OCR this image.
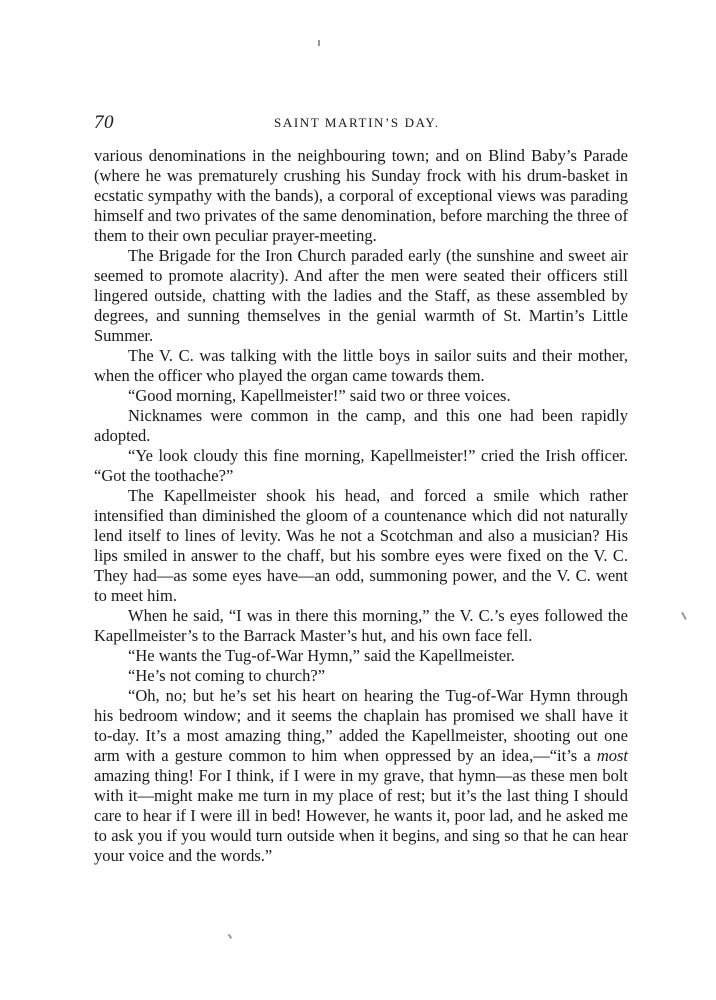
70	SAINT MARTIN’S DAY.

various denominations in the neighbouring town; and on Blind Baby’s Parade (where he was prematurely crushing his Sunday frock with his drum-basket in ecstatic sympathy with the bands), a corporal of exceptional views was parading himself and two privates of the same denomination, before marching the three of them to their own peculiar prayer-meeting.

The Brigade for the Iron Church paraded early (the sunshine and sweet air seemed to promote alacrity). And after the men were seated their officers still lingered outside, chatting with the ladies and the Staff, as these assembled by degrees, and sunning themselves in the genial warmth of St. Martin’s Little Summer.

The V. C. was talking with the little boys in sailor suits and their mother, when the officer who played the organ came towards them.

“Good morning, Kapellmeister!” said two or three voices.

Nicknames were common in the camp, and this one had been rapidly adopted.

“Ye look cloudy this fine morning, Kapellmeister!” cried the Irish officer. “Got the toothache?”

The Kapellmeister shook his head, and forced a smile which rather intensified than diminished the gloom of a countenance which did not naturally lend itself to lines of levity. Was he not a Scotchman and also a musician? His lips smiled in answer to the chaff, but his sombre eyes were fixed on the V. C. They had—as some eyes have—an odd, summoning power, and the V. C. went to meet him.

When he said, “I was in there this morning,” the V. C.’s eyes followed the Kapellmeister’s to the Barrack Master’s hut, and his own face fell.

“He wants the Tug-of-War Hymn,” said the Kapellmeister.

“He’s not coming to church?”

“Oh, no; but he’s set his heart on hearing the Tug-of-War Hymn through his bedroom window; and it seems the chaplain has promised we shall have it to-day. It’s a most amazing thing,” added the Kapellmeister, shooting out one arm with a gesture common to him when oppressed by an idea,—“it’s a most amazing thing! For I think, if I were in my grave, that hymn—as these men bolt with it—might make me turn in my place of rest; but it’s the last thing I should care to hear if I were ill in bed! However, he wants it, poor lad, and he asked me to ask you if you would turn outside when it begins, and sing so that he can hear your voice and the words.”
